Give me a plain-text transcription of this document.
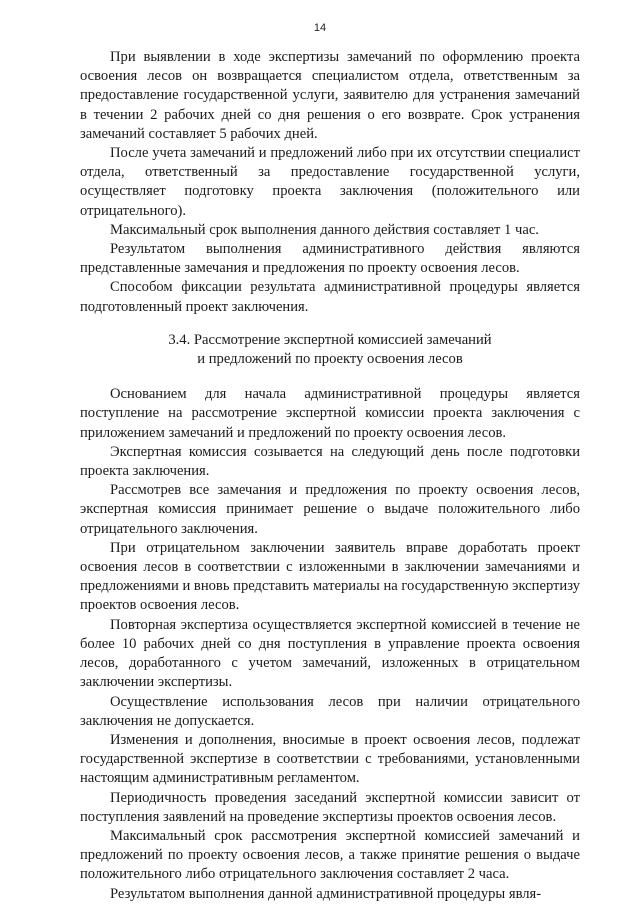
14

При выявлении в ходе экспертизы замечаний по оформлению проекта освоения лесов он возвращается специалистом отдела, ответственным за предоставление государственной услуги, заявителю для устранения замечаний в течении 2 рабочих дней со дня решения о его возврате. Срок устранения замечаний составляет 5 рабочих дней.

После учета замечаний и предложений либо при их отсутствии специалист отдела, ответственный за предоставление государственной услуги, осуществляет подготовку проекта заключения (положительного или отрицательного).

Максимальный срок выполнения данного действия составляет 1 час.

Результатом выполнения административного действия являются представленные замечания и предложения по проекту освоения лесов.

Способом фиксации результата административной процедуры является подготовленный проект заключения.

3.4. Рассмотрение экспертной комиссией замечаний
и предложений по проекту освоения лесов

Основанием для начала административной процедуры является поступление на рассмотрение экспертной комиссии проекта заключения с приложением замечаний и предложений по проекту освоения лесов.

Экспертная комиссия созывается на следующий день после подготовки проекта заключения.

Рассмотрев все замечания и предложения по проекту освоения лесов, экспертная комиссия принимает решение о выдаче положительного либо отрицательного заключения.

При отрицательном заключении заявитель вправе доработать проект освоения лесов в соответствии с изложенными в заключении замечаниями и предложениями и вновь представить материалы на государственную экспертизу проектов освоения лесов.

Повторная экспертиза осуществляется экспертной комиссией в течение не более 10 рабочих дней со дня поступления в управление проекта освоения лесов, доработанного с учетом замечаний, изложенных в отрицательном заключении экспертизы.

Осуществление использования лесов при наличии отрицательного заключения не допускается.

Изменения и дополнения, вносимые в проект освоения лесов, подлежат государственной экспертизе в соответствии с требованиями, установленными настоящим административным регламентом.

Периодичность проведения заседаний экспертной комиссии зависит от поступления заявлений на проведение экспертизы проектов освоения лесов.

Максимальный срок рассмотрения экспертной комиссией замечаний и предложений по проекту освоения лесов, а также принятие решения о выдаче положительного либо отрицательного заключения составляет 2 часа.

Результатом выполнения данной административной процедуры явля-
